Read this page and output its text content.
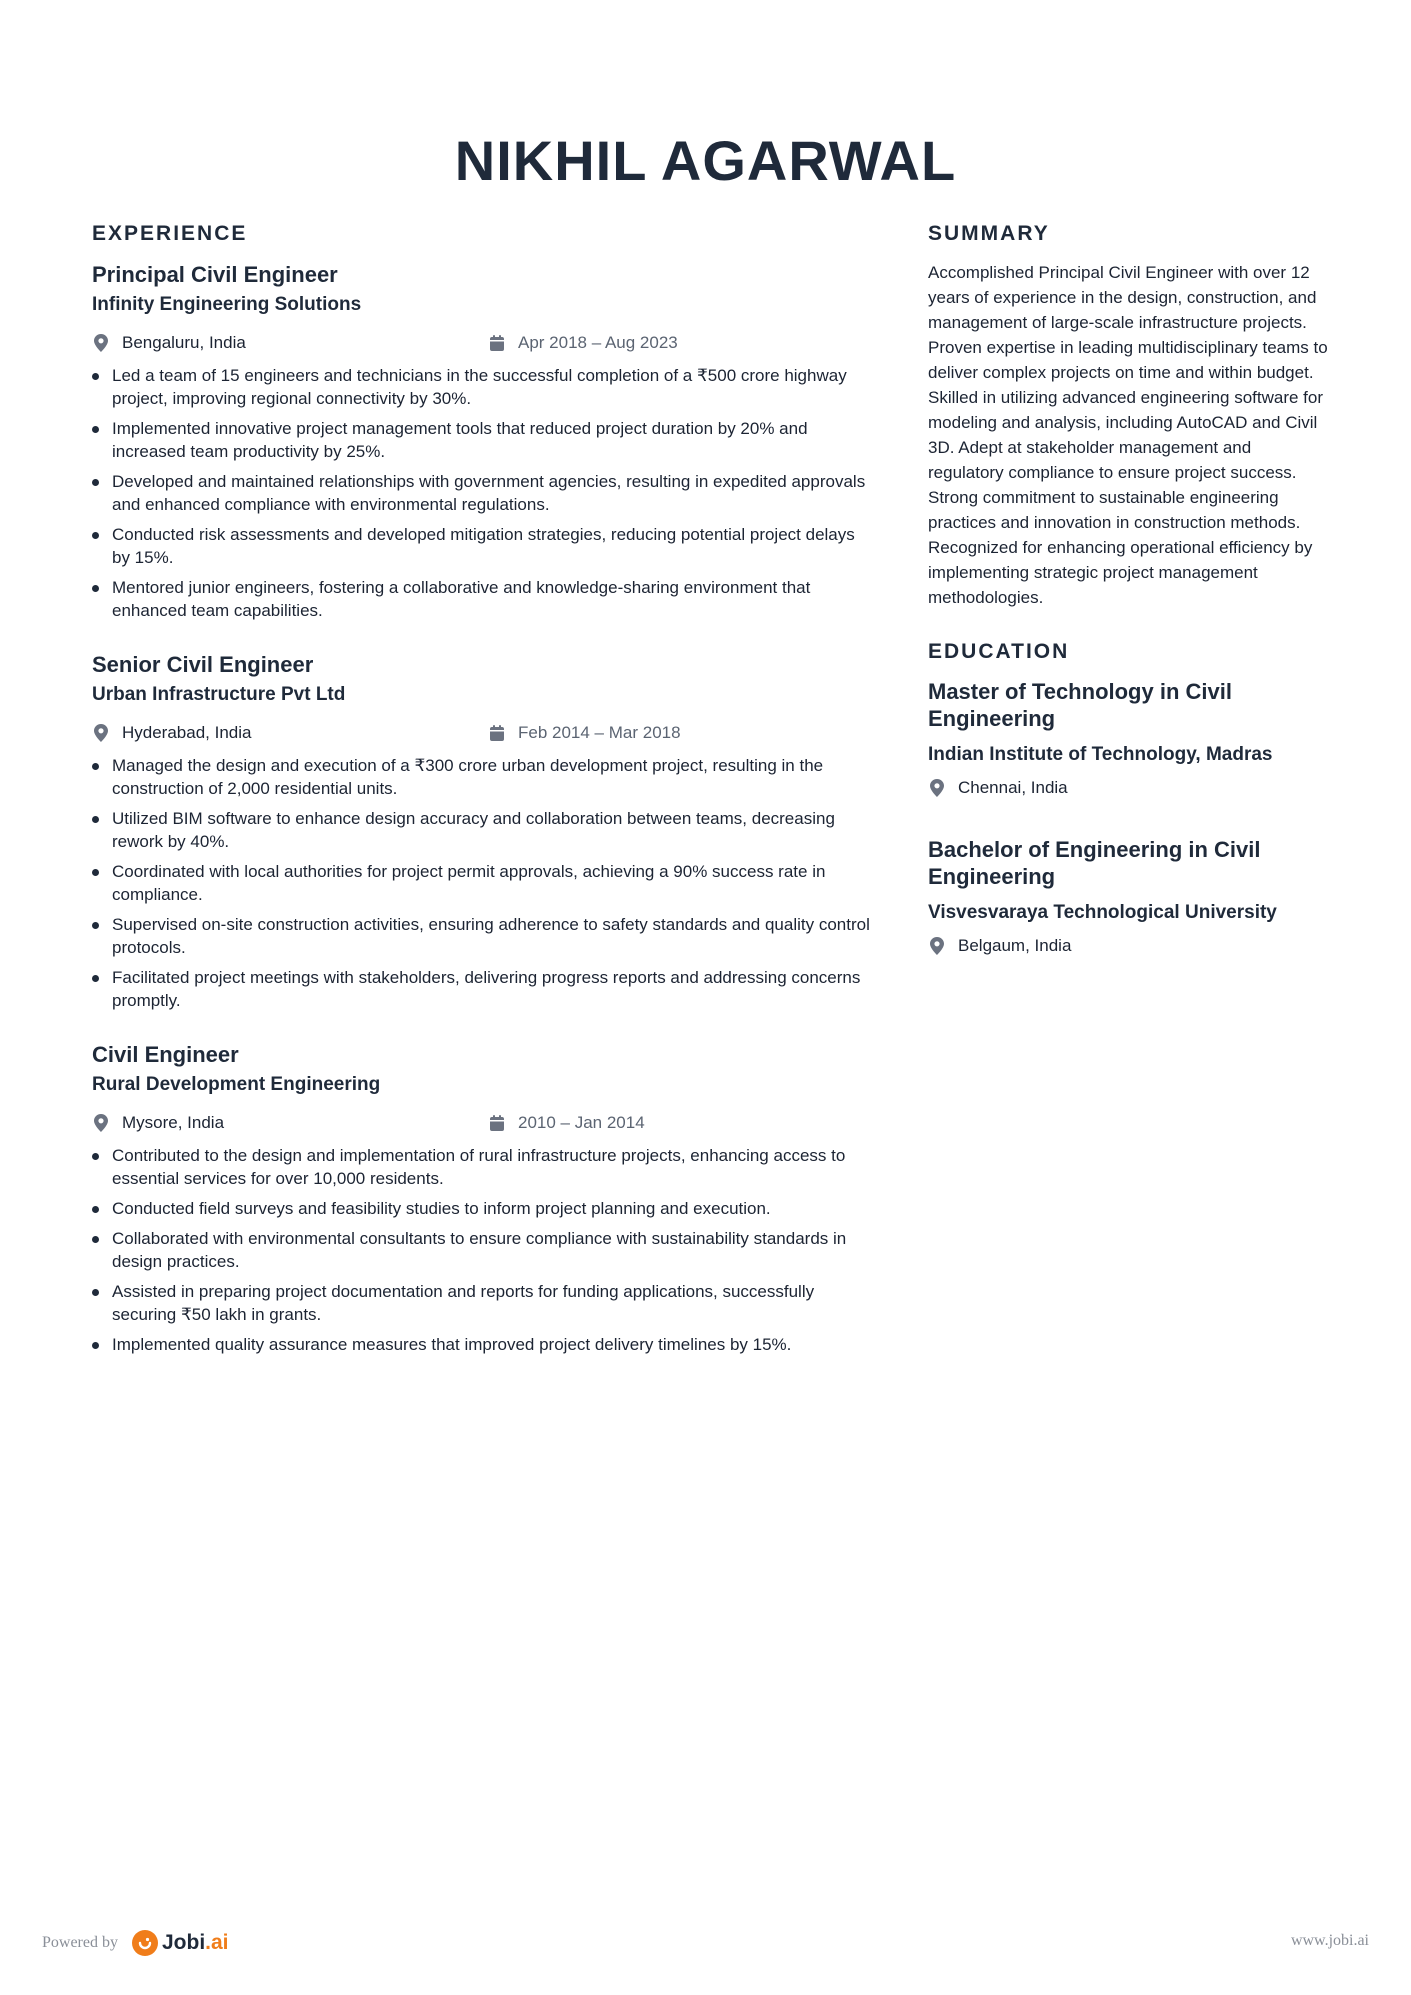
NIKHIL AGARWAL
EXPERIENCE
Principal Civil Engineer
Infinity Engineering Solutions
Bengaluru, India	Apr 2018 – Aug 2023
Led a team of 15 engineers and technicians in the successful completion of a ₹500 crore highway project, improving regional connectivity by 30%.
Implemented innovative project management tools that reduced project duration by 20% and increased team productivity by 25%.
Developed and maintained relationships with government agencies, resulting in expedited approvals and enhanced compliance with environmental regulations.
Conducted risk assessments and developed mitigation strategies, reducing potential project delays by 15%.
Mentored junior engineers, fostering a collaborative and knowledge-sharing environment that enhanced team capabilities.
Senior Civil Engineer
Urban Infrastructure Pvt Ltd
Hyderabad, India	Feb 2014 – Mar 2018
Managed the design and execution of a ₹300 crore urban development project, resulting in the construction of 2,000 residential units.
Utilized BIM software to enhance design accuracy and collaboration between teams, decreasing rework by 40%.
Coordinated with local authorities for project permit approvals, achieving a 90% success rate in compliance.
Supervised on-site construction activities, ensuring adherence to safety standards and quality control protocols.
Facilitated project meetings with stakeholders, delivering progress reports and addressing concerns promptly.
Civil Engineer
Rural Development Engineering
Mysore, India	2010 – Jan 2014
Contributed to the design and implementation of rural infrastructure projects, enhancing access to essential services for over 10,000 residents.
Conducted field surveys and feasibility studies to inform project planning and execution.
Collaborated with environmental consultants to ensure compliance with sustainability standards in design practices.
Assisted in preparing project documentation and reports for funding applications, successfully securing ₹50 lakh in grants.
Implemented quality assurance measures that improved project delivery timelines by 15%.
SUMMARY

Accomplished Principal Civil Engineer with over 12 years of experience in the design, construction, and management of large-scale infrastructure projects. Proven expertise in leading multidisciplinary teams to deliver complex projects on time and within budget. Skilled in utilizing advanced engineering software for modeling and analysis, including AutoCAD and Civil 3D. Adept at stakeholder management and regulatory compliance to ensure project success. Strong commitment to sustainable engineering practices and innovation in construction methods. Recognized for enhancing operational efficiency by implementing strategic project management methodologies.

EDUCATION
Master of Technology in Civil Engineering
Indian Institute of Technology, Madras
Chennai, India
Bachelor of Engineering in Civil Engineering
Visvesvaraya Technological University
Belgaum, India
Powered by Jobi.ai	www.jobi.ai
